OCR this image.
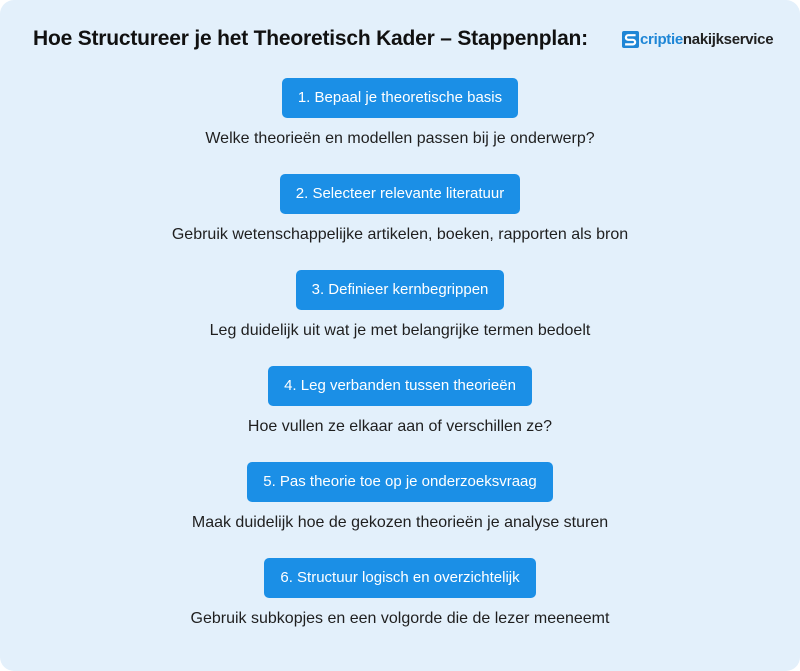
Hoe Structureer je het Theoretisch Kader – Stappenplan:	criptienakijkservice
1. Bepaal je theoretische basis
Welke theorieën en modellen passen bij je onderwerp?
2. Selecteer relevante literatuur
Gebruik wetenschappelijke artikelen, boeken, rapporten als bron
3. Definieer kernbegrippen
Leg duidelijk uit wat je met belangrijke termen bedoelt
4. Leg verbanden tussen theorieën
Hoe vullen ze elkaar aan of verschillen ze?
5. Pas theorie toe op je onderzoeksvraag
Maak duidelijk hoe de gekozen theorieën je analyse sturen
6. Structuur logisch en overzichtelijk
Gebruik subkopjes en een volgorde die de lezer meeneemt
